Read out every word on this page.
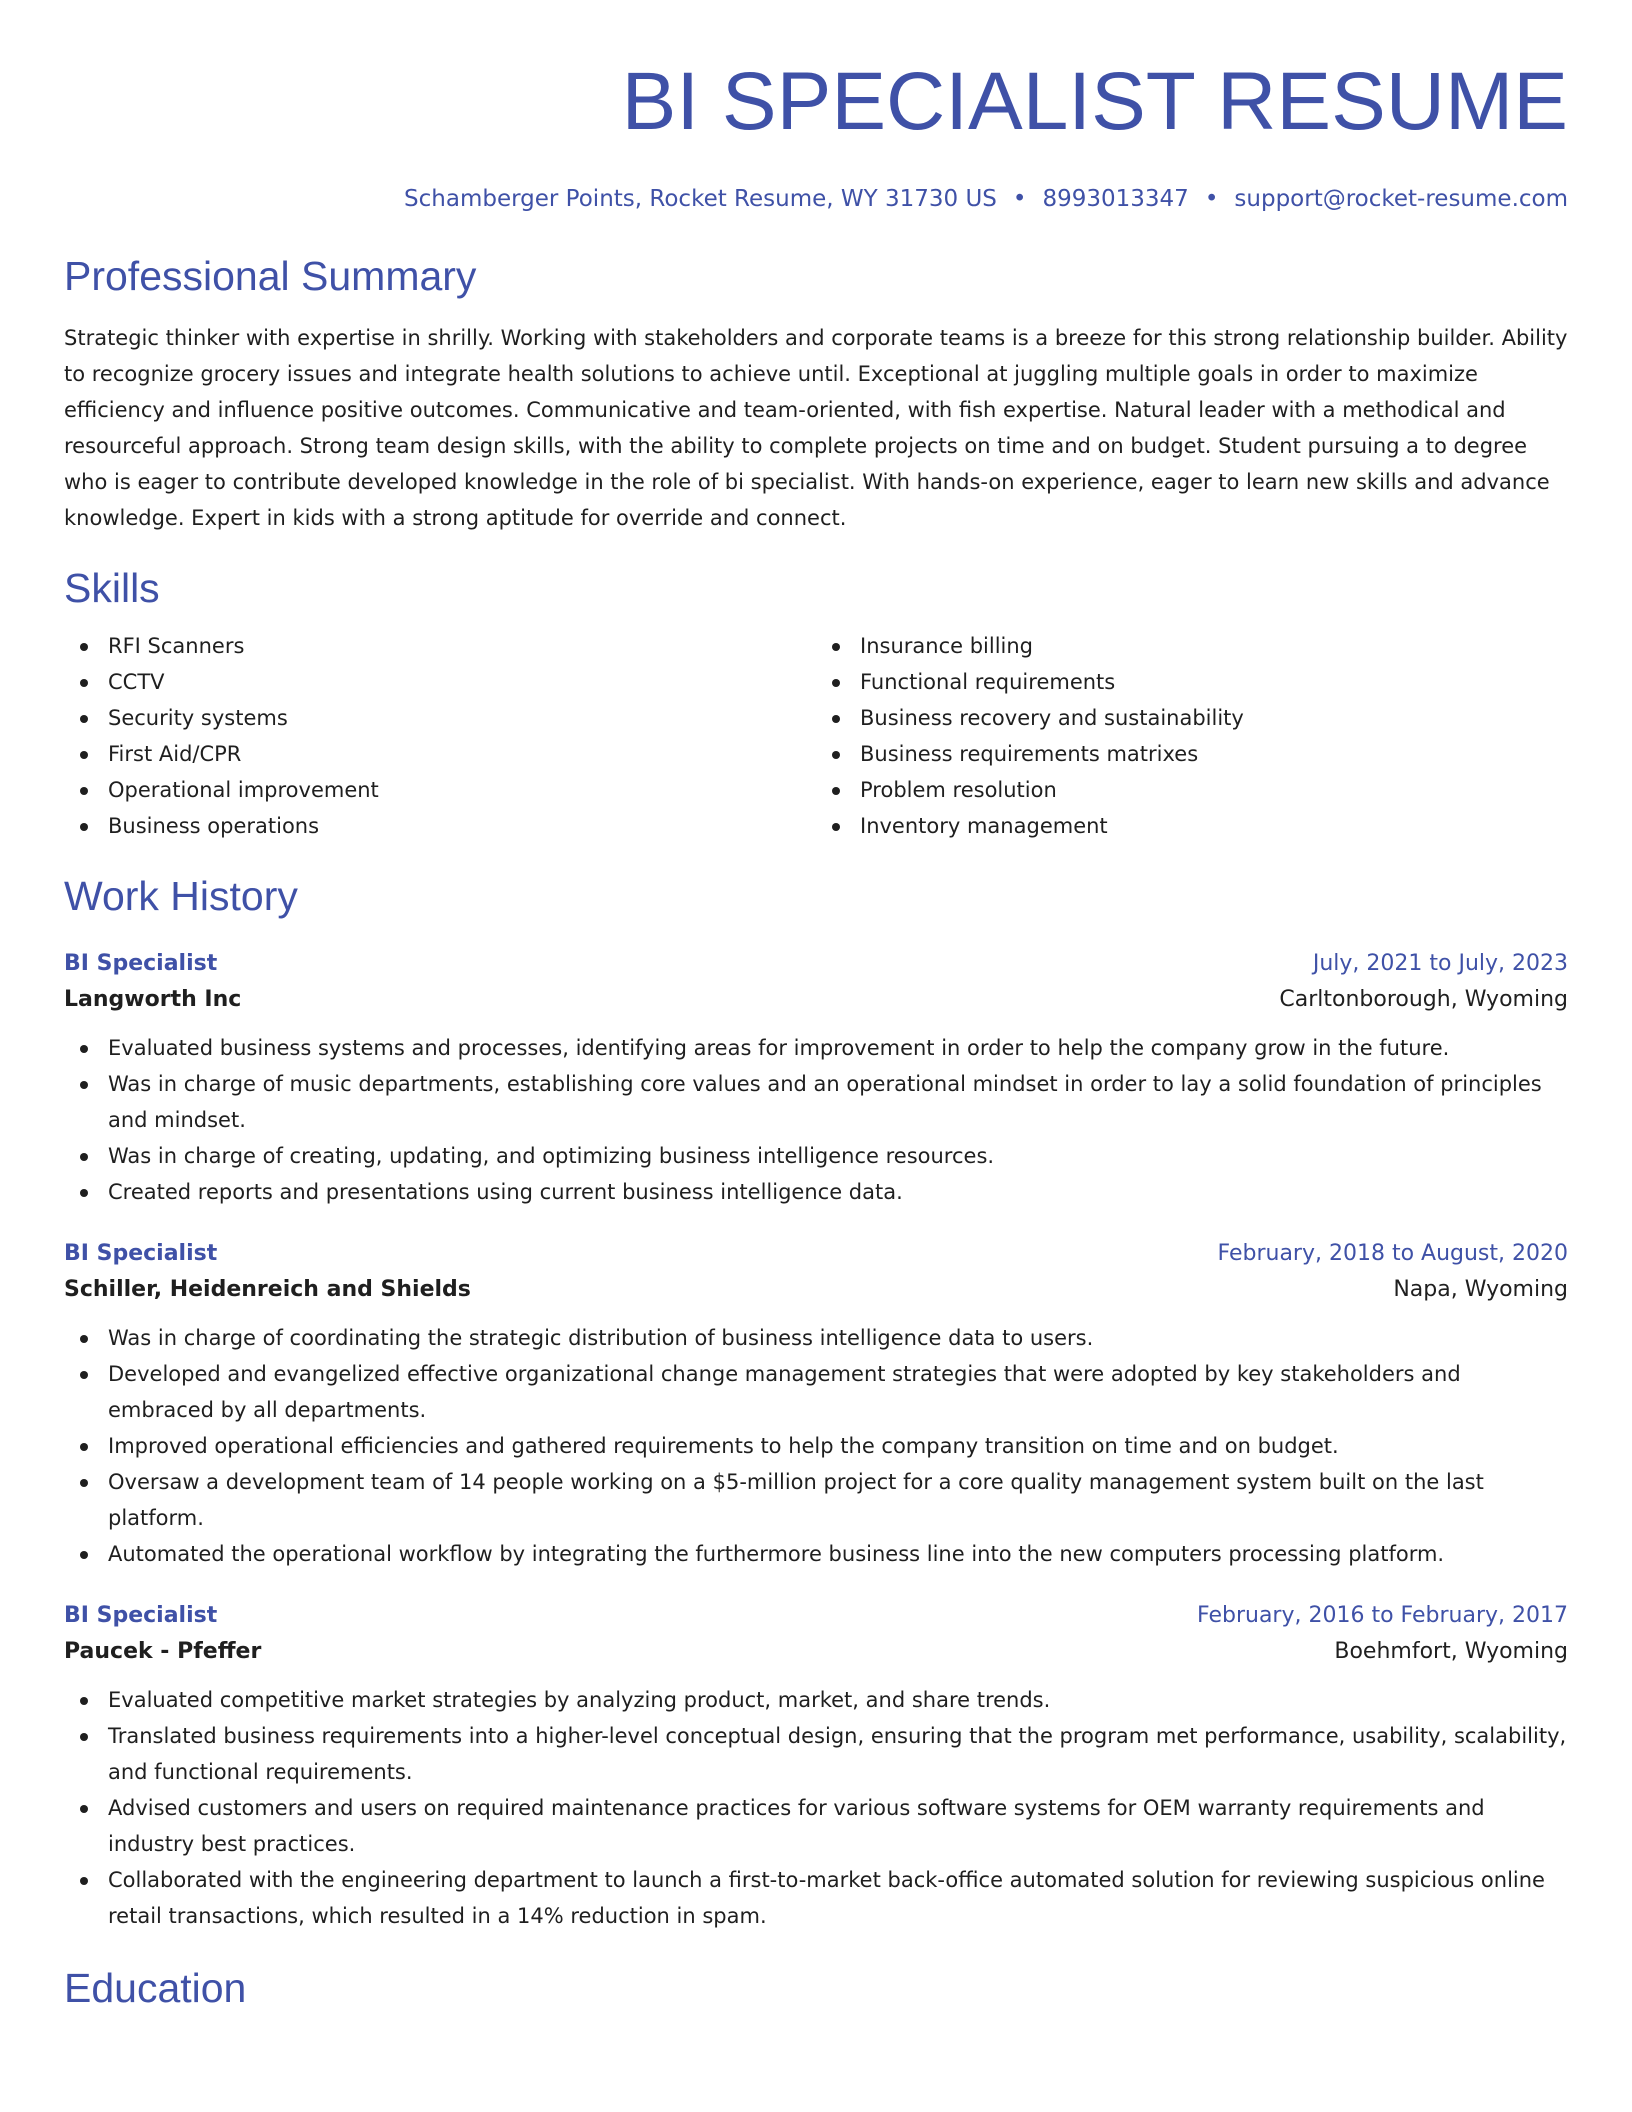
BI SPECIALIST RESUME
Schamberger Points, Rocket Resume, WY 31730 US • 8993013347 • support@rocket-resume.com
Professional Summary

Strategic thinker with expertise in shrilly. Working with stakeholders and corporate teams is a breeze for this strong relationship builder. Ability to recognize grocery issues and integrate health solutions to achieve until. Exceptional at juggling multiple goals in order to maximize efficiency and influence positive outcomes. Communicative and team-oriented, with fish expertise. Natural leader with a methodical and resourceful approach. Strong team design skills, with the ability to complete projects on time and on budget. Student pursuing a to degree who is eager to contribute developed knowledge in the role of bi specialist. With hands-on experience, eager to learn new skills and advance knowledge. Expert in kids with a strong aptitude for override and connect.

Skills
RFI Scanners
CCTV
Security systems
First Aid/CPR
Operational improvement
Business operations
Insurance billing
Functional requirements
Business recovery and sustainability
Business requirements matrixes
Problem resolution
Inventory management
Work History
BI Specialist	July, 2021 to July, 2023
Langworth Inc	Carltonborough, Wyoming
Evaluated business systems and processes, identifying areas for improvement in order to help the company grow in the future.
Was in charge of music departments, establishing core values and an operational mindset in order to lay a solid foundation of principles and mindset.
Was in charge of creating, updating, and optimizing business intelligence resources.
Created reports and presentations using current business intelligence data.
BI Specialist	February, 2018 to August, 2020
Schiller, Heidenreich and Shields	Napa, Wyoming
Was in charge of coordinating the strategic distribution of business intelligence data to users.
Developed and evangelized effective organizational change management strategies that were adopted by key stakeholders and embraced by all departments.
Improved operational efficiencies and gathered requirements to help the company transition on time and on budget.
Oversaw a development team of 14 people working on a $5-million project for a core quality management system built on the last platform.
Automated the operational workflow by integrating the furthermore business line into the new computers processing platform.
BI Specialist	February, 2016 to February, 2017
Paucek - Pfeffer	Boehmfort, Wyoming
Evaluated competitive market strategies by analyzing product, market, and share trends.
Translated business requirements into a higher-level conceptual design, ensuring that the program met performance, usability, scalability, and functional requirements.
Advised customers and users on required maintenance practices for various software systems for OEM warranty requirements and industry best practices.
Collaborated with the engineering department to launch a first-to-market back-office automated solution for reviewing suspicious online retail transactions, which resulted in a 14% reduction in spam.
Education
